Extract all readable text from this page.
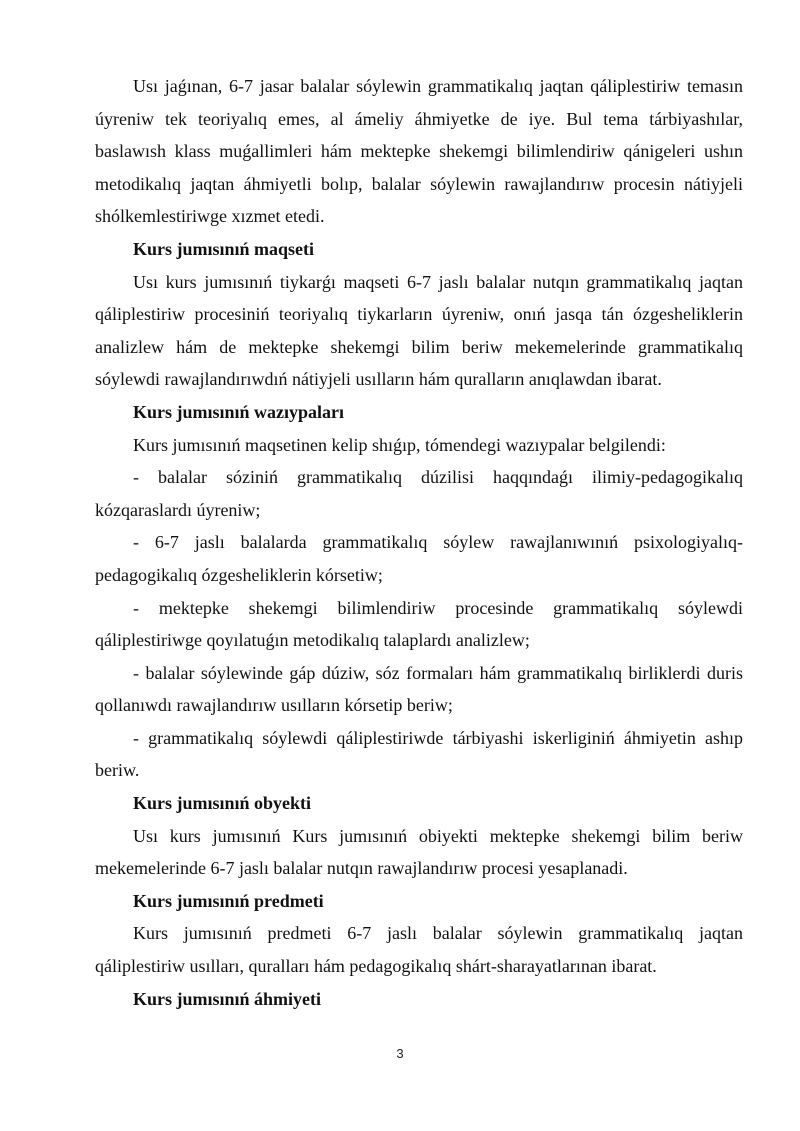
Usı jaǵınan, 6-7 jasar balalar sóylewin grammatikalıq jaqtan qáliplestiriw temasın úyreniw tek teoriyalıq emes, al ámeliy áhmiyetke de iye. Bul tema tárbiyashılar, baslawısh klass muǵallimleri hám mektepke shekemgi bilimlendiriw qánigeleri ushın metodikalıq jaqtan áhmiyetli bolıp, balalar sóylewin rawajlandırıw procesin nátiyjeli shólkemlestiriwge xızmet etedi.

Kurs jumısınıń maqseti

Usı kurs jumısınıń tiykarǵı maqseti 6-7 jaslı balalar nutqın grammatikalıq jaqtan qáliplestiriw procesiniń teoriyalıq tiykarların úyreniw, onıń jasqa tán ózgesheliklerin analizlew hám de mektepke shekemgi bilim beriw mekemelerinde grammatikalıq sóylewdi rawajlandırıwdıń nátiyjeli usılların hám quralların anıqlawdan ibarat.

Kurs jumısınıń wazıypaları

Kurs jumısınıń maqsetinen kelip shıǵıp, tómendegi wazıypalar belgilendi:

- balalar sóziniń grammatikalıq dúzilisi haqqındaǵı ilimiy-pedagogikalıq kózqaraslardı úyreniw;

- 6-7 jaslı balalarda grammatikalıq sóylew rawajlanıwınıń psixologiyalıq-pedagogikalıq ózgesheliklerin kórsetiw;

- mektepke shekemgi bilimlendiriw procesinde grammatikalıq sóylewdi qáliplestiriwge qoyılatuǵın metodikalıq talaplardı analizlew;

- balalar sóylewinde gáp dúziw, sóz formaları hám grammatikalıq birliklerdi duris qollanıwdı rawajlandırıw usılların kórsetip beriw;

- grammatikalıq sóylewdi qáliplestiriwde tárbiyashi iskerliginiń áhmiyetin ashıp beriw.

Kurs jumısınıń obyekti

Usı kurs jumısınıń Kurs jumısınıń obiyekti mektepke shekemgi bilim beriw mekemelerinde 6-7 jaslı balalar nutqın rawajlandırıw procesi yesaplanadi.

Kurs jumısınıń predmeti

Kurs jumısınıń predmeti 6-7 jaslı balalar sóylewin grammatikalıq jaqtan qáliplestiriw usılları, quralları hám pedagogikalıq shárt-sharayatlarınan ibarat.

Kurs jumısınıń áhmiyeti

3
